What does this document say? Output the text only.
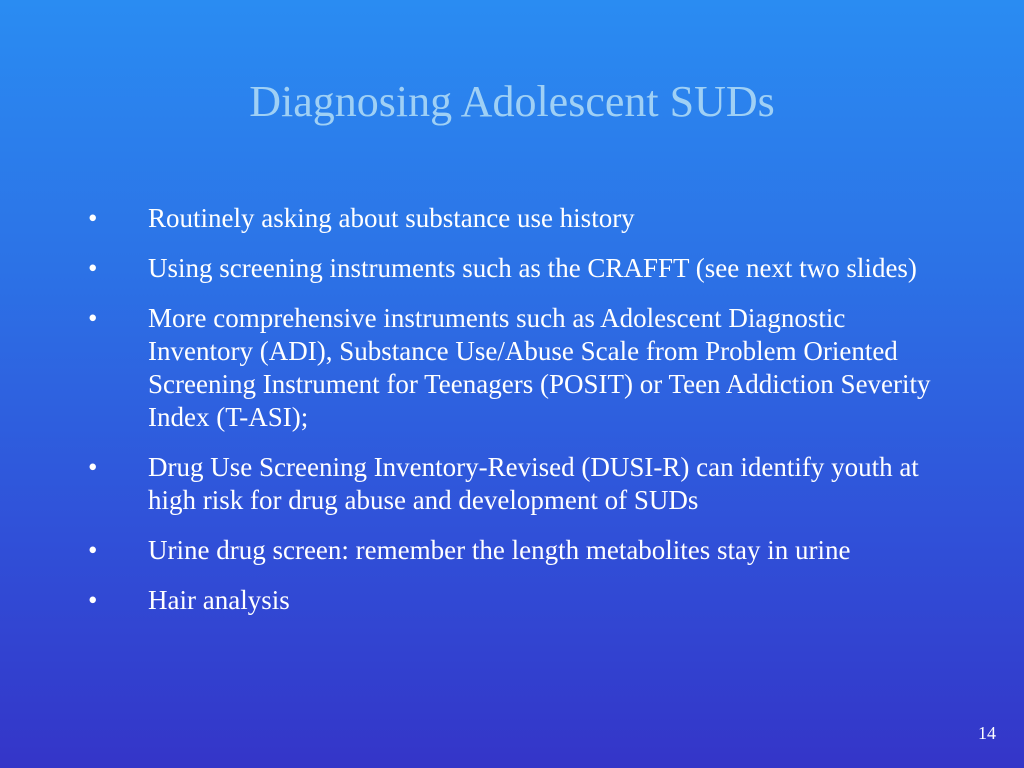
Diagnosing Adolescent SUDs
•	Routinely asking about substance use history
•	Using screening instruments such as the CRAFFT (see next two slides)
•	More comprehensive instruments such as Adolescent Diagnostic Inventory (ADI), Substance Use/Abuse Scale from Problem Oriented Screening Instrument for Teenagers (POSIT) or Teen Addiction Severity Index (T-ASI);
•	Drug Use Screening Inventory-Revised (DUSI-R) can identify youth at high risk for drug abuse and development of SUDs
•	Urine drug screen: remember the length metabolites stay in urine
•	Hair analysis
14
